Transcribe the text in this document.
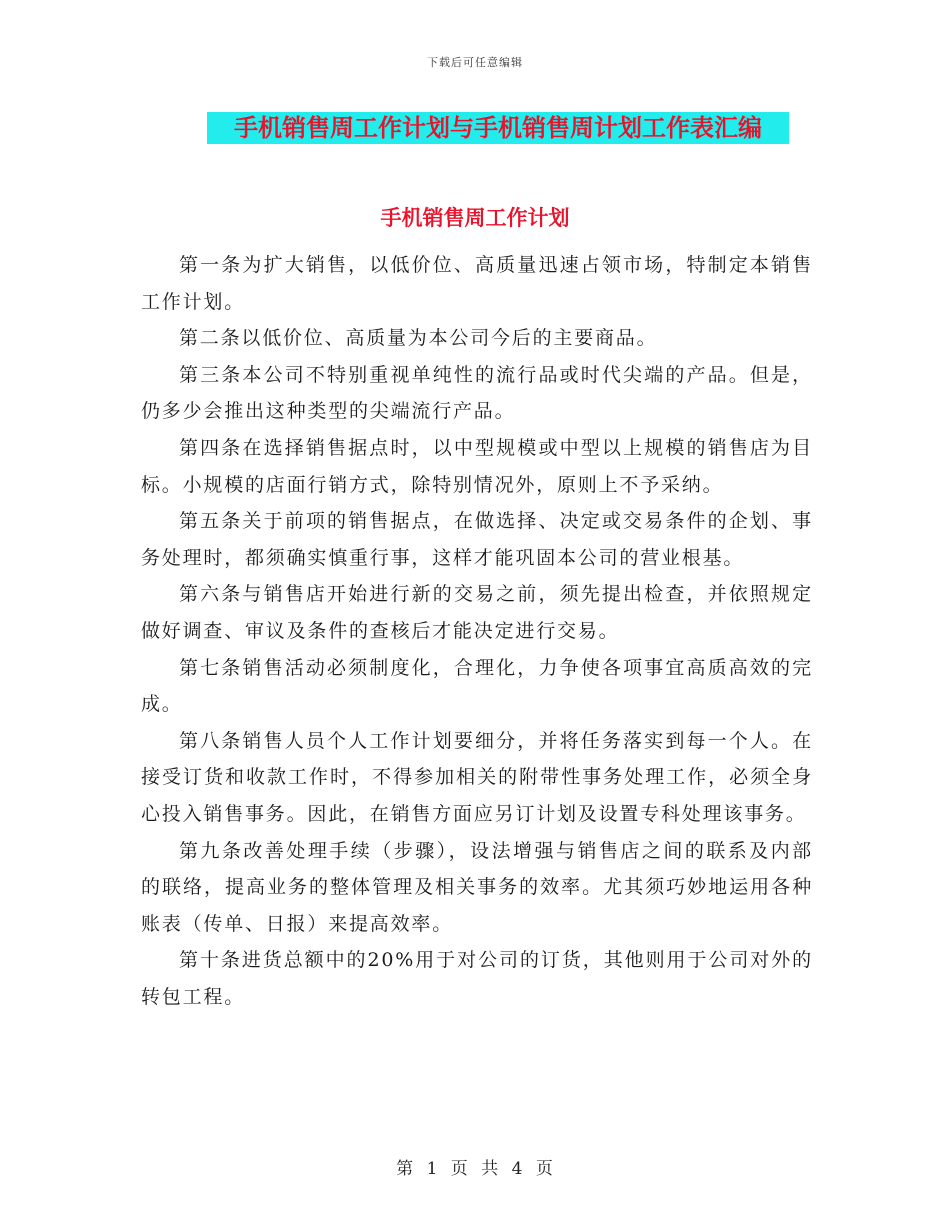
下载后可任意编辑
手机销售周工作计划与手机销售周计划工作表汇编
手机销售周工作计划

第一条为扩大销售，以低价位、高质量迅速占领市场，特制定本销售工作计划。

第二条以低价位、高质量为本公司今后的主要商品。

第三条本公司不特别重视单纯性的流行品或时代尖端的产品。但是，仍多少会推出这种类型的尖端流行产品。

第四条在选择销售据点时，以中型规模或中型以上规模的销售店为目标。小规模的店面行销方式，除特别情况外，原则上不予采纳。

第五条关于前项的销售据点，在做选择、决定或交易条件的企划、事务处理时，都须确实慎重行事，这样才能巩固本公司的营业根基。

第六条与销售店开始进行新的交易之前，须先提出检查，并依照规定做好调查、审议及条件的查核后才能决定进行交易。

第七条销售活动必须制度化，合理化，力争使各项事宜高质高效的完成。

第八条销售人员个人工作计划要细分，并将任务落实到每一个人。在接受订货和收款工作时，不得参加相关的附带性事务处理工作，必须全身心投入销售事务。因此，在销售方面应另订计划及设置专科处理该事务。

第九条改善处理手续（步骤），设法增强与销售店之间的联系及内部的联络，提高业务的整体管理及相关事务的效率。尤其须巧妙地运用各种账表（传单、日报）来提高效率。

第十条进货总额中的20%用于对公司的订货，其他则用于公司对外的转包工程。

第 1 页 共 4 页
